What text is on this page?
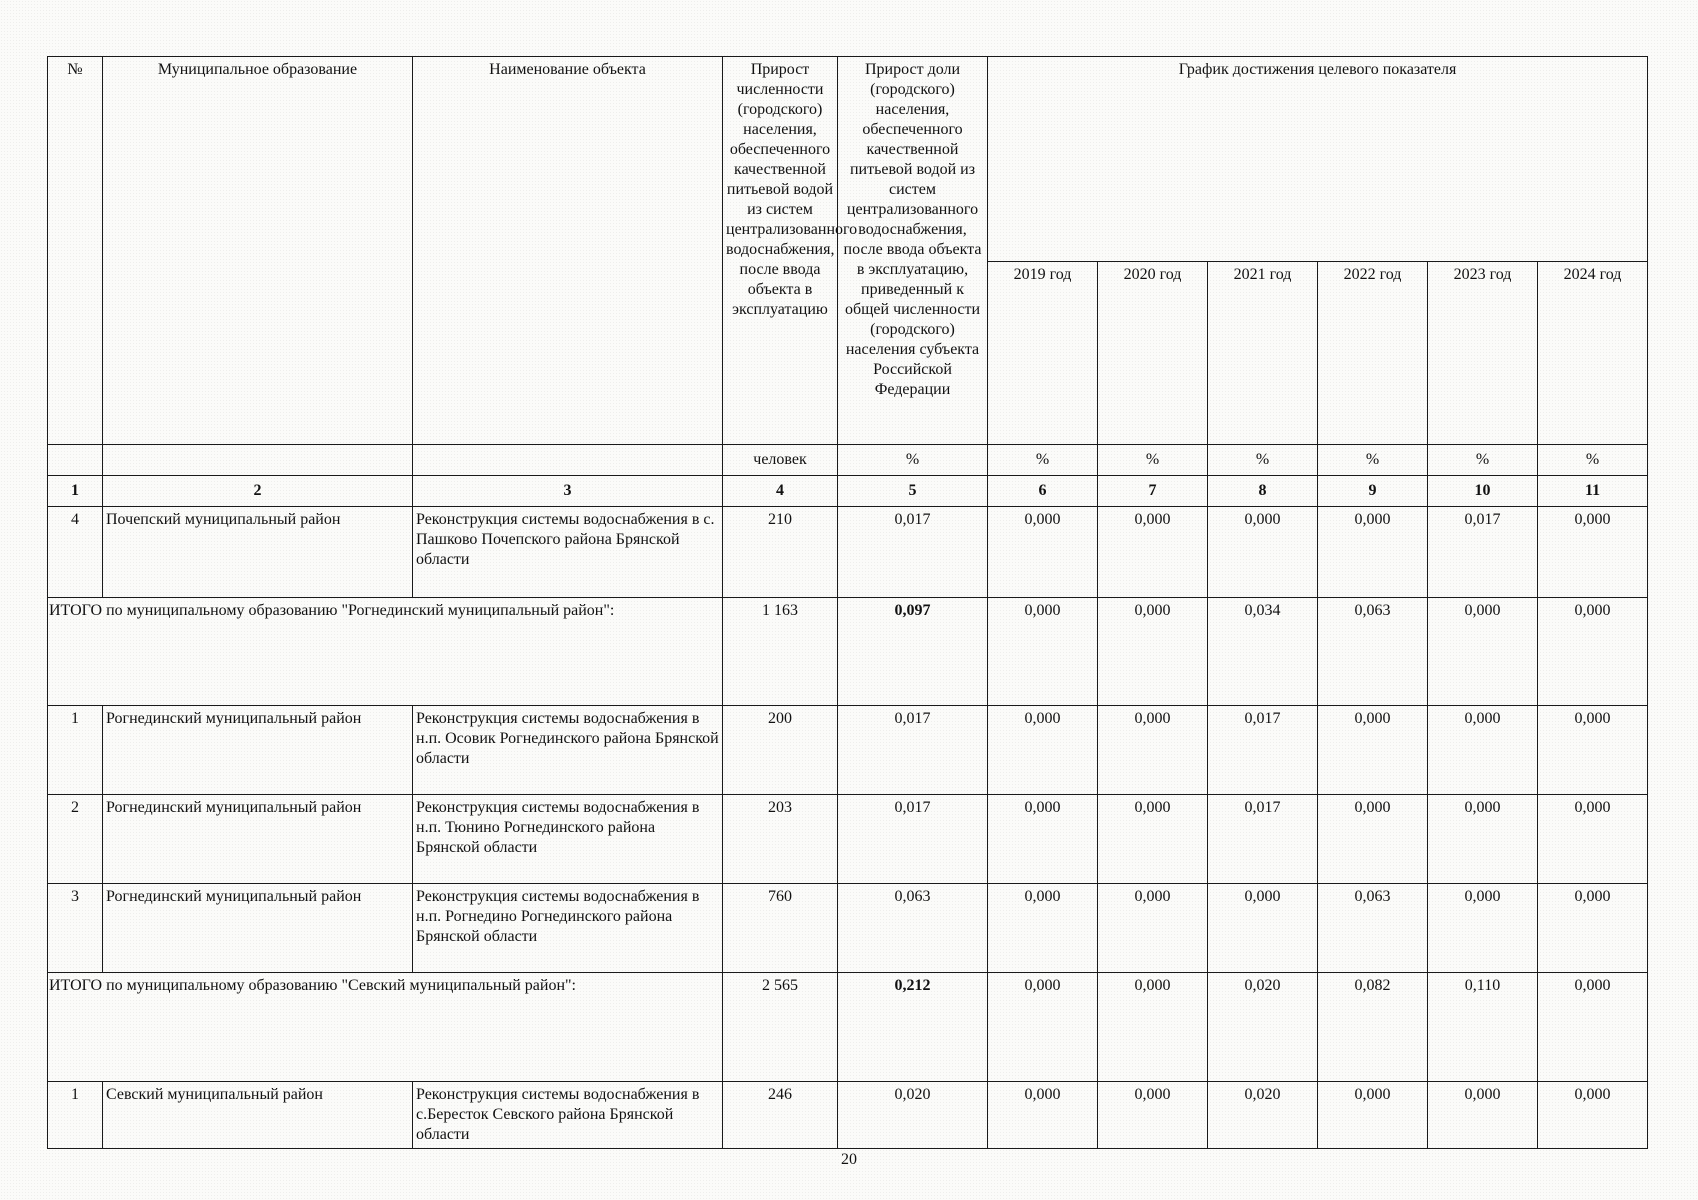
№	Муниципальное образование	Наименование объекта	Прирост численности (городского) населения, обеспеченного качественной питьевой водой из систем централизованного водоснабжения, после ввода объекта в эксплуатацию	Прирост доли (городского) населения, обеспеченного качественной питьевой водой из систем централизованного водоснабжения, после ввода объекта в эксплуатацию, приведенный к общей численности (городского) населения субъекта Российской Федерации	График достижения целевого показателя					
					2019 год	2020 год	2021 год	2022 год	2023 год	2024 год
			человек	%	%	%	%	%	%	%
1	2	3	4	5	6	7	8	9	10	11
4	Почепский муниципальный район	Реконструкция системы водоснабжения в с. Пашково Почепского района Брянской области	210	0,017	0,000	0,000	0,000	0,000	0,017	0,000
ИТОГО по муниципальному образованию "Рогнединский муниципальный район":			1 163	0,097	0,000	0,000	0,034	0,063	0,000	0,000
1	Рогнединский муниципальный район	Реконструкция системы водоснабжения в н.п. Осовик Рогнединского района Брянской области	200	0,017	0,000	0,000	0,017	0,000	0,000	0,000
2	Рогнединский муниципальный район	Реконструкция системы водоснабжения в н.п. Тюнино Рогнединского района Брянской области	203	0,017	0,000	0,000	0,017	0,000	0,000	0,000
3	Рогнединский муниципальный район	Реконструкция системы водоснабжения в н.п. Рогнедино Рогнединского района Брянской области	760	0,063	0,000	0,000	0,000	0,063	0,000	0,000
ИТОГО по муниципальному образованию "Севский муниципальный район":			2 565	0,212	0,000	0,000	0,020	0,082	0,110	0,000
1	Севский муниципальный район	Реконструкция системы водоснабжения в с.Бересток Севского района Брянской области	246	0,020	0,000	0,000	0,020	0,000	0,000	0,000
20
